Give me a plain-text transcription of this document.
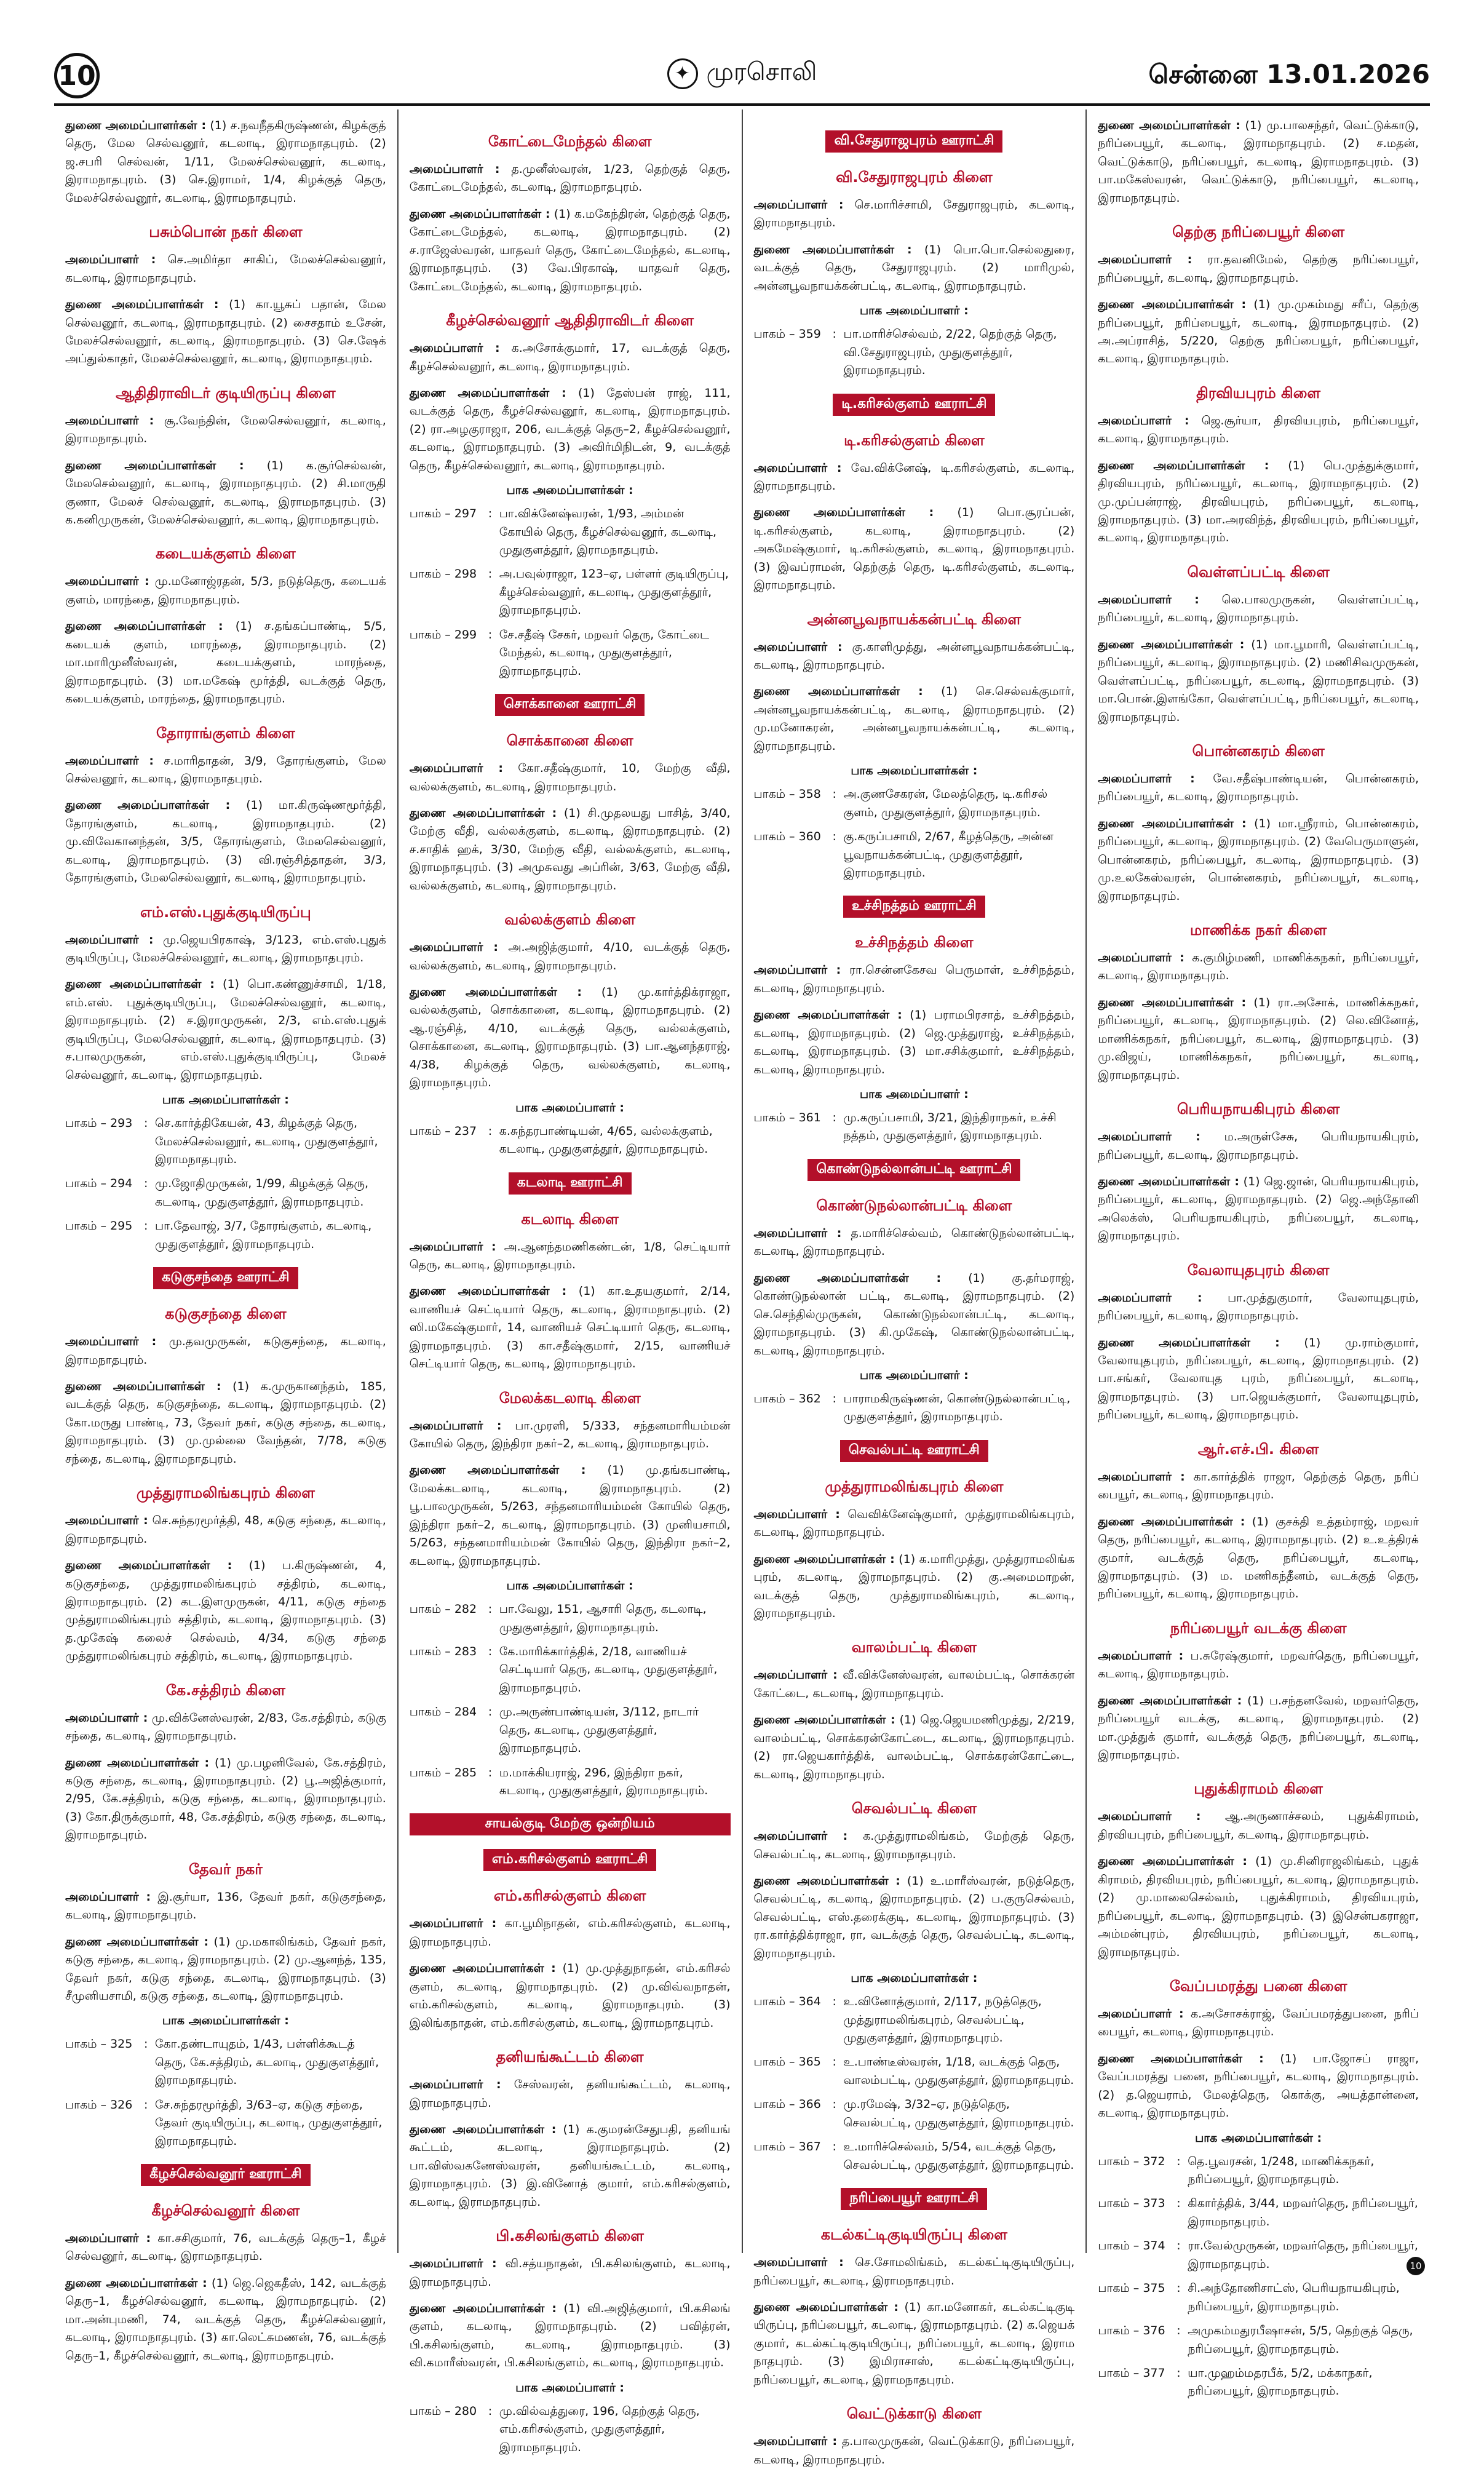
10	✦ முரசொலி	சென்னை 13.01.2026

துணை அமைப்பாளர்கள் : (1) ச.நவநீதகிருஷ்ணன், கிழக்குத் தெரு, மேல செல்வனூர், கடலாடி, இராமநாதபுரம். (2) ஜ.சபரி செல்வன், 1/11, மேலச்செல்வனூர், கடலாடி, இராமநாதபுரம். (3) செ.இராமர், 1/4, கிழக்குத் தெரு, மேலச்செல்வனூர், கடலாடி, இராமநாதபுரம்.

பசும்பொன் நகர் கிளை

அமைப்பாளர் : செ.அமிர்தா சாகிப், மேலச்செல்வனூர், கடலாடி, இராமநாதபுரம்.

துணை அமைப்பாளர்கள் : (1) கா.யூசுப் பதான், மேல செல்வனூர், கடலாடி, இராமநாதபுரம். (2) சைசதாம் உசேன், மேலச்செல்வனூர், கடலாடி, இராமநாதபுரம். (3) செ.ஷேக் அப்துல்காதர், மேலச்செல்வனூர், கடலாடி, இராமநாதபுரம்.

ஆதிதிராவிடர் குடியிருப்பு கிளை

அமைப்பாளர் : சூ.வேந்தின், மேலசெல்வனூர், கடலாடி, இராமநாதபுரம்.

துணை அமைப்பாளர்கள் : (1) க.சூர்செல்வன், மேலசெல்வனூர், கடலாடி, இராமநாதபுரம். (2) சி.மாருதி குணா, மேலச் செல்வனூர், கடலாடி, இராமநாதபுரம். (3) க.கனிமுருகன், மேலச்செல்வனூர், கடலாடி, இராமநாதபுரம்.

கடையக்குளம் கிளை

அமைப்பாளர் : மு.மனோஜ்ரதன், 5/3, நடுத்தெரு, கடையக் குளம், மாரந்தை, இராமநாதபுரம்.

துணை அமைப்பாளர்கள் : (1) ச.தங்கப்பாண்டி, 5/5, கடையக் குளம், மாரந்தை, இராமநாதபுரம். (2) மா.மாரிமுனீஸ்வரன், கடையக்குளம், மாரந்தை, இராமநாதபுரம். (3) மா.மகேஷ் மூர்த்தி, வடக்குத் தெரு, கடையக்குளம், மாரந்தை, இராமநாதபுரம்.

தோராங்குளம் கிளை

அமைப்பாளர் : ச.மாரிதாதன், 3/9, தோரங்குளம், மேல செல்வனூர், கடலாடி, இராமநாதபுரம்.

துணை அமைப்பாளர்கள் : (1) மா.கிருஷ்ணமூர்த்தி, தோரங்குளம், கடலாடி, இராமநாதபுரம். (2) மு.விவேகானந்தன், 3/5, தோரங்குளம், மேலசெல்வனூர், கடலாடி, இராமநாதபுரம். (3) வி.ரஞ்சித்தாதன், 3/3, தோரங்குளம், மேலசெல்வனூர், கடலாடி, இராமநாதபுரம்.

எம்.எஸ்.புதுக்குடியிருப்பு

அமைப்பாளர் : மு.ஜெயபிரகாஷ், 3/123, எம்.எஸ்.புதுக் குடியிருப்பு, மேலச்செல்வனூர், கடலாடி, இராமநாதபுரம்.

துணை அமைப்பாளர்கள் : (1) பொ.கண்ணுச்சாமி, 1/18, எம்.எஸ். புதுக்குடியிருப்பு, மேலச்செல்வனூர், கடலாடி, இராமநாதபுரம். (2) ச.இராமுருகன், 2/3, எம்.எஸ்.புதுக் குடியிருப்பு, மேலசெல்வனூர், கடலாடி, இராமநாதபுரம். (3) ச.பாலமுருகன், எம்.எஸ்.புதுக்குடியிருப்பு, மேலச் செல்வனூர், கடலாடி, இராமநாதபுரம்.

பாக அமைப்பாளர்கள் :
பாகம் – 293 : செ.கார்த்திகேயன், 43, கிழக்குத் தெரு, மேலச்செல்வனூர், கடலாடி, முதுகுளத்தூர், இராமநாதபுரம்.
பாகம் – 294 : மு.ஜோதிமுருகன், 1/99, கிழக்குத் தெரு, கடலாடி, முதுகுளத்தூர், இராமநாதபுரம்.
பாகம் – 295 : பா.தேவாஜ், 3/7, தோரங்குளம், கடலாடி, முதுகுளத்தூர், இராமநாதபுரம்.
கடுகுசந்தை ஊராட்சி
கடுகுசந்தை கிளை

அமைப்பாளர் : மு.தவமுருகன், கடுகுசந்தை, கடலாடி, இராமநாதபுரம்.

துணை அமைப்பாளர்கள் : (1) க.முருகானந்தம், 185, வடக்குத் தெரு, கடுகுசந்தை, கடலாடி, இராமநாதபுரம். (2) கோ.மருது பாண்டி, 73, தேவர் நகர், கடுகு சந்தை, கடலாடி, இராமநாதபுரம். (3) மு.முல்லை வேந்தன், 7/78, கடுகு சந்தை, கடலாடி, இராமநாதபுரம்.

முத்துராமலிங்கபுரம் கிளை

அமைப்பாளர் : செ.சுந்தரமூர்த்தி, 48, கடுகு சந்தை, கடலாடி, இராமநாதபுரம்.

துணை அமைப்பாளர்கள் : (1) ப.கிருஷ்ணன், 4, கடுகுசந்தை, முத்துராமலிங்கபுரம் சத்திரம், கடலாடி, இராமநாதபுரம். (2) கட.இளமுருகன், 4/11, கடுகு சந்தை முத்துராமலிங்கபுரம் சத்திரம், கடலாடி, இராமநாதபுரம். (3) த.முகேஷ் கலைச் செல்வம், 4/34, கடுகு சந்தை முத்துராமலிங்கபுரம் சத்திரம், கடலாடி, இராமநாதபுரம்.

கே.சத்திரம் கிளை

அமைப்பாளர் : மு.விக்னேஸ்வரன், 2/83, கே.சத்திரம், கடுகு சந்தை, கடலாடி, இராமநாதபுரம்.

துணை அமைப்பாளர்கள் : (1) மு.பழனிவேல், கே.சத்திரம், கடுகு சந்தை, கடலாடி, இராமநாதபுரம். (2) பூ.அஜித்குமார், 2/95, கே.சத்திரம், கடுகு சந்தை, கடலாடி, இராமநாதபுரம். (3) கோ.திருக்குமார், 48, கே.சத்திரம், கடுகு சந்தை, கடலாடி, இராமநாதபுரம்.

தேவர் நகர்

அமைப்பாளர் : இ.சூர்யா, 136, தேவர் நகர், கடுகுசந்தை, கடலாடி, இராமநாதபுரம்.

துணை அமைப்பாளர்கள் : (1) மு.மகாலிங்கம், தேவர் நகர், கடுகு சந்தை, கடலாடி, இராமநாதபுரம். (2) மு.ஆனந்த், 135, தேவர் நகர், கடுகு சந்தை, கடலாடி, இராமநாதபுரம். (3) சீமுனியசாமி, கடுகு சந்தை, கடலாடி, இராமநாதபுரம்.

பாக அமைப்பாளர்கள் :
பாகம் – 325 : கோ.தண்டாயுதம், 1/43, பள்ளிக்கூடத் தெரு, கே.சத்திரம், கடலாடி, முதுகுளத்தூர், இராமநாதபுரம்.
பாகம் – 326 : சே.சுந்தரமூர்த்தி, 3/63–ஏ, கடுகு சந்தை, தேவர் குடியிருப்பு, கடலாடி, முதுகுளத்தூர், இராமநாதபுரம்.
கீழச்செல்வனூர் ஊராட்சி
கீழச்செல்வனூர் கிளை

அமைப்பாளர் : கா.சசிகுமார், 76, வடக்குத் தெரு–1, கீழச் செல்வனூர், கடலாடி, இராமநாதபுரம்.

துணை அமைப்பாளர்கள் : (1) ஜெ.ஜெகதீஸ், 142, வடக்குத் தெரு–1, கீழச்செல்வனூர், கடலாடி, இராமநாதபுரம். (2) மா.அன்புமணி, 74, வடக்குத் தெரு, கீழச்செல்வனூர், கடலாடி, இராமநாதபுரம். (3) கா.லெட்சுமணன், 76, வடக்குத் தெரு–1, கீழச்செல்வனூர், கடலாடி, இராமநாதபுரம்.

கோட்டைமேந்தல் கிளை

அமைப்பாளர் : த.முனீஸ்வரன், 1/23, தெற்குத் தெரு, கோட்டைமேந்தல், கடலாடி, இராமநாதபுரம்.

துணை அமைப்பாளர்கள் : (1) க.மகேந்திரன், தெற்குத் தெரு, கோட்டைமேந்தல், கடலாடி, இராமநாதபுரம். (2) ச.ராஜேஸ்வரன், யாதவர் தெரு, கோட்டைமேந்தல், கடலாடி, இராமநாதபுரம். (3) வே.பிரகாஷ், யாதவர் தெரு, கோட்டைமேந்தல், கடலாடி, இராமநாதபுரம்.

கீழச்செல்வனூர் ஆதிதிராவிடர் கிளை

அமைப்பாளர் : க.அசோக்குமார், 17, வடக்குத் தெரு, கீழச்செல்வனூர், கடலாடி, இராமநாதபுரம்.

துணை அமைப்பாளர்கள் : (1) தேஸ்பன் ராஜ், 111, வடக்குத் தெரு, கீழச்செல்வனூர், கடலாடி, இராமநாதபுரம். (2) ரா.அழகுராஜா, 206, வடக்குத் தெரு–2, கீழச்செல்வனூர், கடலாடி, இராமநாதபுரம். (3) அவிர்மிநிடன், 9, வடக்குத் தெரு, கீழச்செல்வனூர், கடலாடி, இராமநாதபுரம்.

பாக அமைப்பாளர்கள் :
பாகம் – 297 : பா.விக்னேஷ்வரன், 1/93, அம்மன் கோயில் தெரு, கீழச்செல்வனூர், கடலாடி, முதுகுளத்தூர், இராமநாதபுரம்.
பாகம் – 298 : அ.பவுல்ராஜா, 123–ஏ, பள்ளர் குடியிருப்பு, கீழச்செல்வனூர், கடலாடி, முதுகுளத்தூர், இராமநாதபுரம்.
பாகம் – 299 : சே.சதீஷ் சேகர், மறவர் தெரு, கோட்டை மேந்தல், கடலாடி, முதுகுளத்தூர், இராமநாதபுரம்.
சொக்கானை ஊராட்சி
சொக்கானை கிளை

அமைப்பாளர் : கோ.சதீஷ்குமார், 10, மேற்கு வீதி, வல்லக்குளம், கடலாடி, இராமநாதபுரம்.

துணை அமைப்பாளர்கள் : (1) சி.முதலயது பாசித், 3/40, மேற்கு வீதி, வல்லக்குளம், கடலாடி, இராமநாதபுரம். (2) ச.சாதிக் ஹக், 3/30, மேற்கு வீதி, வல்லக்குளம், கடலாடி, இராமநாதபுரம். (3) அமுசுவது அப்ரின், 3/63, மேற்கு வீதி, வல்லக்குளம், கடலாடி, இராமநாதபுரம்.

வல்லக்குளம் கிளை

அமைப்பாளர் : அ.அஜித்குமார், 4/10, வடக்குத் தெரு, வல்லக்குளம், கடலாடி, இராமநாதபுரம்.

துணை அமைப்பாளர்கள் : (1) மு.கார்த்திக்ராஜா, வல்லக்குளம், சொக்கானை, கடலாடி, இராமநாதபுரம். (2) ஆ.ரஞ்சித், 4/10, வடக்குத் தெரு, வல்லக்குளம், சொக்கானை, கடலாடி, இராமநாதபுரம். (3) பா.ஆனந்தராஜ், 4/38, கிழக்குத் தெரு, வல்லக்குளம், கடலாடி, இராமநாதபுரம்.

பாக அமைப்பாளர் :
பாகம் – 237 : க.சுந்தரபாண்டியன், 4/65, வல்லக்குளம், கடலாடி, முதுகுளத்தூர், இராமநாதபுரம்.
கடலாடி ஊராட்சி
கடலாடி கிளை

அமைப்பாளர் : அ.ஆனந்தமணிகண்டன், 1/8, செட்டியார் தெரு, கடலாடி, இராமநாதபுரம்.

துணை அமைப்பாளர்கள் : (1) கா.உதயகுமார், 2/14, வாணியச் செட்டியார் தெரு, கடலாடி, இராமநாதபுரம். (2) ஸி.மகேஷ்குமார், 14, வாணியச் செட்டியார் தெரு, கடலாடி, இராமநாதபுரம். (3) கா.சதீஷ்குமார், 2/15, வாணியச் செட்டியார் தெரு, கடலாடி, இராமநாதபுரம்.

மேலக்கடலாடி கிளை

அமைப்பாளர் : பா.முரளி, 5/333, சந்தனமாரியம்மன் கோயில் தெரு, இந்திரா நகர்–2, கடலாடி, இராமநாதபுரம்.

துணை அமைப்பாளர்கள் : (1) மு.தங்கபாண்டி, மேலக்கடலாடி, கடலாடி, இராமநாதபுரம். (2) பூ.பாலமுருகன், 5/263, சந்தனமாரியம்மன் கோயில் தெரு, இந்திரா நகர்–2, கடலாடி, இராமநாதபுரம். (3) முனியசாமி, 5/263, சந்தனமாரியம்மன் கோயில் தெரு, இந்திரா நகர்–2, கடலாடி, இராமநாதபுரம்.

பாக அமைப்பாளர்கள் :
பாகம் – 282 : பா.வேலு, 151, ஆசாரி தெரு, கடலாடி, முதுகுளத்தூர், இராமநாதபுரம்.
பாகம் – 283 : கே.மாரிக்கார்த்திக், 2/18, வாணியச் செட்டியார் தெரு, கடலாடி, முதுகுளத்தூர், இராமநாதபுரம்.
பாகம் – 284 : மு.அருண்பாண்டியன், 3/112, நாடார் தெரு, கடலாடி, முதுகுளத்தூர், இராமநாதபுரம்.
பாகம் – 285 : ம.மாக்கியராஜ், 296, இந்திரா நகர், கடலாடி, முதுகுளத்தூர், இராமநாதபுரம்.
சாயல்குடி மேற்கு ஒன்றியம்
எம்.கரிசல்குளம் ஊராட்சி
எம்.கரிசல்குளம் கிளை

அமைப்பாளர் : கா.பூமிநாதன், எம்.கரிசல்குளம், கடலாடி, இராமநாதபுரம்.

துணை அமைப்பாளர்கள் : (1) மு.முத்துநாதன், எம்.கரிசல் குளம், கடலாடி, இராமநாதபுரம். (2) மு.விவ்வநாதன், எம்.கரிசல்குளம், கடலாடி, இராமநாதபுரம். (3) இலிங்கநாதன், எம்.கரிசல்குளம், கடலாடி, இராமநாதபுரம்.

தனியங்கூட்டம் கிளை

அமைப்பாளர் : சேஸ்வரன், தனியங்கூட்டம், கடலாடி, இராமநாதபுரம்.

துணை அமைப்பாளர்கள் : (1) க.குமரன்சேதுபதி, தனியங் கூட்டம், கடலாடி, இராமநாதபுரம். (2) பா.விஸ்வகணேஸ்வரன், தனியங்கூட்டம், கடலாடி, இராமநாதபுரம். (3) இ.வினோத் குமார், எம்.கரிசல்குளம், கடலாடி, இராமநாதபுரம்.

பி.கசிலங்குளம் கிளை

அமைப்பாளர் : வி.சத்யநாதன், பி.கசிலங்குளம், கடலாடி, இராமநாதபுரம்.

துணை அமைப்பாளர்கள் : (1) வி.அஜித்குமார், பி.கசிலங் குளம், கடலாடி, இராமநாதபுரம். (2) பவித்ரன், பி.கசிலங்குளம், கடலாடி, இராமநாதபுரம். (3) வி.கமாரீஸ்வரன், பி.கசிலங்குளம், கடலாடி, இராமநாதபுரம்.

பாக அமைப்பாளர் :
பாகம் – 280 : மு.வில்வத்துரை, 196, தெற்குத் தெரு, எம்.கரிசல்குளம், முதுகுளத்தூர், இராமநாதபுரம்.
வி.சேதுராஜபுரம் ஊராட்சி
வி.சேதுராஜபுரம் கிளை

அமைப்பாளர் : செ.மாரிச்சாமி, சேதுராஜபுரம், கடலாடி, இராமநாதபுரம்.

துணை அமைப்பாளர்கள் : (1) பொ.பொ.செல்லதுரை, வடக்குத் தெரு, சேதுராஜபுரம். (2) மாரிமுல், அன்னபூவநாயக்கன்பட்டி, கடலாடி, இராமநாதபுரம்.

பாக அமைப்பாளர் :
பாகம் – 359 : பா.மாரிச்செல்வம், 2/22, தெற்குத் தெரு, வி.சேதுராஜபுரம், முதுகுளத்தூர், இராமநாதபுரம்.
டி.கரிசல்குளம் ஊராட்சி
டி.கரிசல்குளம் கிளை

அமைப்பாளர் : வே.விக்னேஷ், டி.கரிசல்குளம், கடலாடி, இராமநாதபுரம்.

துணை அமைப்பாளர்கள் : (1) பொ.சூரப்பன், டி.கரிசல்குளம், கடலாடி, இராமநாதபுரம். (2) அகமேஷ்குமார், டி.கரிசல்குளம், கடலாடி, இராமநாதபுரம். (3) இவப்ராமன், தெற்குத் தெரு, டி.கரிசல்குளம், கடலாடி, இராமநாதபுரம்.

அன்னபூவநாயக்கன்பட்டி கிளை

அமைப்பாளர் : கு.காளிமுத்து, அன்னபூவநாயக்கன்பட்டி, கடலாடி, இராமநாதபுரம்.

துணை அமைப்பாளர்கள் : (1) செ.செல்வக்குமார், அன்னபூவநாயக்கன்பட்டி, கடலாடி, இராமநாதபுரம். (2) மு.மனோகரன், அன்னபூவநாயக்கன்பட்டி, கடலாடி, இராமநாதபுரம்.

பாக அமைப்பாளர்கள் :
பாகம் – 358 : அ.குணசேகரன், மேலத்தெரு, டி.கரிசல் குளம், முதுகுளத்தூர், இராமநாதபுரம்.
பாகம் – 360 : கு.கருப்பசாமி, 2/67, கீழத்தெரு, அன்ன பூவநாயக்கன்பட்டி, முதுகுளத்தூர், இராமநாதபுரம்.
உச்சிநத்தம் ஊராட்சி
உச்சிநத்தம் கிளை

அமைப்பாளர் : ரா.சென்னகேசவ பெருமாள், உச்சிநத்தம், கடலாடி, இராமநாதபுரம்.

துணை அமைப்பாளர்கள் : (1) பராமபிரசாத், உச்சிநத்தம், கடலாடி, இராமநாதபுரம். (2) ஜெ.முத்துராஜ், உச்சிநத்தம், கடலாடி, இராமநாதபுரம். (3) மா.சசிக்குமார், உச்சிநத்தம், கடலாடி, இராமநாதபுரம்.

பாக அமைப்பாளர் :
பாகம் – 361 : மு.கருப்பசாமி, 3/21, இந்திராநகர், உச்சி நத்தம், முதுகுளத்தூர், இராமநாதபுரம்.
கொண்டுநல்லான்பட்டி ஊராட்சி
கொண்டுநல்லான்பட்டி கிளை

அமைப்பாளர் : த.மாரிச்செல்வம், கொண்டுநல்லான்பட்டி, கடலாடி, இராமநாதபுரம்.

துணை அமைப்பாளர்கள் : (1) கு.தர்மராஜ், கொண்டுநல்லான் பட்டி, கடலாடி, இராமநாதபுரம். (2) செ.செந்தில்முருகன், கொண்டுநல்லான்பட்டி, கடலாடி, இராமநாதபுரம். (3) கி.முகேஷ், கொண்டுநல்லான்பட்டி, கடலாடி, இராமநாதபுரம்.

பாக அமைப்பாளர் :
பாகம் – 362 : பாராமகிருஷ்ணன், கொண்டுநல்லான்பட்டி, முதுகுளத்தூர், இராமநாதபுரம்.
செவல்பட்டி ஊராட்சி
முத்துராமலிங்கபுரம் கிளை

அமைப்பாளர் : வெவிக்னேஷ்குமார், முத்துராமலிங்கபுரம், கடலாடி, இராமநாதபுரம்.

துணை அமைப்பாளர்கள் : (1) க.மாரிமுத்து, முத்துராமலிங்க புரம், கடலாடி, இராமநாதபுரம். (2) கு.அமைமாறன், வடக்குத் தெரு, முத்துராமலிங்கபுரம், கடலாடி, இராமநாதபுரம்.

வாலம்பட்டி கிளை

அமைப்பாளர் : வீ.விக்னேஸ்வரன், வாலம்பட்டி, சொக்கரன் கோட்டை, கடலாடி, இராமநாதபுரம்.

துணை அமைப்பாளர்கள் : (1) ஜெ.ஜெயமணிமுத்து, 2/219, வாலம்பட்டி, சொக்கரன்கோட்டை, கடலாடி, இராமநாதபுரம். (2) ரா.ஜெயகார்த்திக், வாலம்பட்டி, சொக்கரன்கோட்டை, கடலாடி, இராமநாதபுரம்.

செவல்பட்டி கிளை

அமைப்பாளர் : க.முத்துராமலிங்கம், மேற்குத் தெரு, செவல்பட்டி, கடலாடி, இராமநாதபுரம்.

துணை அமைப்பாளர்கள் : (1) உ.மாரீஸ்வரன், நடுத்தெரு, செவல்பட்டி, கடலாடி, இராமநாதபுரம். (2) ப.குருசெல்வம், செவல்பட்டி, எஸ்.தரைக்குடி, கடலாடி, இராமநாதபுரம். (3) ரா.கார்த்திக்ராஜா, ரா, வடக்குத் தெரு, செவல்பட்டி, கடலாடி, இராமநாதபுரம்.

பாக அமைப்பாளர்கள் :
பாகம் – 364 : உ.வினோத்குமார், 2/117, நடுத்தெரு, முத்துராமலிங்கபுரம், செவல்பட்டி, முதுகுளத்தூர், இராமநாதபுரம்.
பாகம் – 365 : உ.பாண்டீஸ்வரன், 1/18, வடக்குத் தெரு, வாலம்பட்டி, முதுகுளத்தூர், இராமநாதபுரம்.
பாகம் – 366 : மு.ரமேஷ், 3/32–ஏ, நடுத்தெரு, செவல்பட்டி, முதுகுளத்தூர், இராமநாதபுரம்.
பாகம் – 367 : உ.மாரிச்செல்வம், 5/54, வடக்குத் தெரு, செவல்பட்டி, முதுகுளத்தூர், இராமநாதபுரம்.
நரிப்பையூர் ஊராட்சி
கடல்கட்டிகுடியிருப்பு கிளை

அமைப்பாளர் : செ.சோமலிங்கம், கடல்கட்டிகுடியிருப்பு, நரிப்பையூர், கடலாடி, இராமநாதபுரம்.

துணை அமைப்பாளர்கள் : (1) கா.மனோகர், கடல்கட்டிகுடி யிருப்பு, நரிப்பையூர், கடலாடி, இராமநாதபுரம். (2) க.ஜெயக் குமார், கடல்கட்டிகுடியிருப்பு, நரிப்பையூர், கடலாடி, இராம நாதபுரம். (3) இமிராசாஸ், கடல்கட்டிகுடியிருப்பு, நரிப்பையூர், கடலாடி, இராமநாதபுரம்.

வெட்டுக்காடு கிளை

அமைப்பாளர் : த.பாலமுருகன், வெட்டுக்காடு, நரிப்பையூர், கடலாடி, இராமநாதபுரம்.

துணை அமைப்பாளர்கள் : (1) மு.பாலசந்தர், வெட்டுக்காடு, நரிப்பையூர், கடலாடி, இராமநாதபுரம். (2) ச.மதன், வெட்டுக்காடு, நரிப்பையூர், கடலாடி, இராமநாதபுரம். (3) பா.மகேஸ்வரன், வெட்டுக்காடு, நரிப்பையூர், கடலாடி, இராமநாதபுரம்.

தெற்கு நரிப்பையூர் கிளை

அமைப்பாளர் : ரா.தவனிமேல், தெற்கு நரிப்பையூர், நரிப்பையூர், கடலாடி, இராமநாதபுரம்.

துணை அமைப்பாளர்கள் : (1) மு.முகம்மது சரீப், தெற்கு நரிப்பையூர், நரிப்பையூர், கடலாடி, இராமநாதபுரம். (2) அ.அப்ராசித், 5/220, தெற்கு நரிப்பையூர், நரிப்பையூர், கடலாடி, இராமநாதபுரம்.

திரவியபுரம் கிளை

அமைப்பாளர் : ஜெ.சூர்யா, திரவியபுரம், நரிப்பையூர், கடலாடி, இராமநாதபுரம்.

துணை அமைப்பாளர்கள் : (1) பெ.முத்துக்குமார், திரவியபுரம், நரிப்பையூர், கடலாடி, இராமநாதபுரம். (2) மு.முப்பன்ராஜ், திரவியபுரம், நரிப்பையூர், கடலாடி, இராமநாதபுரம். (3) மா.அரவிந்த், திரவியபுரம், நரிப்பையூர், கடலாடி, இராமநாதபுரம்.

வெள்ளப்பட்டி கிளை

அமைப்பாளர் : லெ.பாலமுருகன், வெள்ளப்பட்டி, நரிப்பையூர், கடலாடி, இராமநாதபுரம்.

துணை அமைப்பாளர்கள் : (1) மா.பூமாரி, வெள்ளப்பட்டி, நரிப்பையூர், கடலாடி, இராமநாதபுரம். (2) மணிசிவமுருகன், வெள்ளப்பட்டி, நரிப்பையூர், கடலாடி, இராமநாதபுரம். (3) மா.பொன்.இளங்கோ, வெள்ளப்பட்டி, நரிப்பையூர், கடலாடி, இராமநாதபுரம்.

பொன்னகரம் கிளை

அமைப்பாளர் : வே.சதீஷ்பாண்டியன், பொன்னகரம், நரிப்பையூர், கடலாடி, இராமநாதபுரம்.

துணை அமைப்பாளர்கள் : (1) மா.ஸ்ரீராம், பொன்னகரம், நரிப்பையூர், கடலாடி, இராமநாதபுரம். (2) வேபெருமாளுன், பொன்னகரம், நரிப்பையூர், கடலாடி, இராமநாதபுரம். (3) மு.உலகேஸ்வரன், பொன்னகரம், நரிப்பையூர், கடலாடி, இராமநாதபுரம்.

மாணிக்க நகர் கிளை

அமைப்பாளர் : க.குமிழ்மணி, மாணிக்கநகர், நரிப்பையூர், கடலாடி, இராமநாதபுரம்.

துணை அமைப்பாளர்கள் : (1) ரா.அசோக், மாணிக்கநகர், நரிப்பையூர், கடலாடி, இராமநாதபுரம். (2) லெ.வினோத், மாணிக்கநகர், நரிப்பையூர், கடலாடி, இராமநாதபுரம். (3) மு.விஜய், மாணிக்கநகர், நரிப்பையூர், கடலாடி, இராமநாதபுரம்.

பெரியநாயகிபுரம் கிளை

அமைப்பாளர் : ம.அருள்சேசு, பெரியநாயகிபுரம், நரிப்பையூர், கடலாடி, இராமநாதபுரம்.

துணை அமைப்பாளர்கள் : (1) ஜெ.ஜான், பெரியநாயகிபுரம், நரிப்பையூர், கடலாடி, இராமநாதபுரம். (2) ஜெ.அந்தோனி அலெக்ஸ், பெரியநாயகிபுரம், நரிப்பையூர், கடலாடி, இராமநாதபுரம்.

வேலாயுதபுரம் கிளை

அமைப்பாளர் : பா.முத்துகுமார், வேலாயுதபுரம், நரிப்பையூர், கடலாடி, இராமநாதபுரம்.

துணை அமைப்பாளர்கள் : (1) மு.ராம்குமார், வேலாயுதபுரம், நரிப்பையூர், கடலாடி, இராமநாதபுரம். (2) பா.சங்கர், வேலாயுத புரம், நரிப்பையூர், கடலாடி, இராமநாதபுரம். (3) பா.ஜெயக்குமார், வேலாயுதபுரம், நரிப்பையூர், கடலாடி, இராமநாதபுரம்.

ஆர்.எச்.பி. கிளை

அமைப்பாளர் : கா.கார்த்திக் ராஜா, தெற்குத் தெரு, நரிப் பையூர், கடலாடி, இராமநாதபுரம்.

துணை அமைப்பாளர்கள் : (1) குசக்தி உத்தம்ராஜ், மறவர் தெரு, நரிப்பையூர், கடலாடி, இராமநாதபுரம். (2) உ.உத்திரக் குமார், வடக்குத் தெரு, நரிப்பையூர், கடலாடி, இராமநாதபுரம். (3) ம. மணிகந்தீனம், வடக்குத் தெரு, நரிப்பையூர், கடலாடி, இராமநாதபுரம்.

நரிப்பையூர் வடக்கு கிளை

அமைப்பாளர் : ப.சுரேஷ்குமார், மறவர்தெரு, நரிப்பையூர், கடலாடி, இராமநாதபுரம்.

துணை அமைப்பாளர்கள் : (1) ப.சந்தனவேல், மறவர்தெரு, நரிப்பையூர் வடக்கு, கடலாடி, இராமநாதபுரம். (2) மா.முத்துக் குமார், வடக்குத் தெரு, நரிப்பையூர், கடலாடி, இராமநாதபுரம்.

புதுக்கிராமம் கிளை

அமைப்பாளர் : ஆ.அருணாச்சலம், புதுக்கிராமம், திரவியபுரம், நரிப்பையூர், கடலாடி, இராமநாதபுரம்.

துணை அமைப்பாளர்கள் : (1) மு.சினிராஜலிங்கம், புதுக் கிராமம், திரவியபுரம், நரிப்பையூர், கடலாடி, இராமநாதபுரம். (2) மு.மாலைசெல்வம், புதுக்கிராமம், திரவியபுரம், நரிப்பையூர், கடலாடி, இராமநாதபுரம். (3) இசென்பகராஜா, அம்மன்புரம், திரவியபுரம், நரிப்பையூர், கடலாடி, இராமநாதபுரம்.

வேப்பமரத்து பனை கிளை

அமைப்பாளர் : க.அசோசக்ராஜ், வேப்பமரத்துபனை, நரிப் பையூர், கடலாடி, இராமநாதபுரம்.

துணை அமைப்பாளர்கள் : (1) பா.ஜோசப் ராஜா, வேப்பமரத்து பனை, நரிப்பையூர், கடலாடி, இராமநாதபுரம். (2) த.ஜெயராம், மேலத்தெரு, கொக்கு, அயத்தான்னை, கடலாடி, இராமநாதபுரம்.

பாக அமைப்பாளர்கள் :
பாகம் – 372 : தெ.பூவரசன், 1/248, மாணிக்கநகர், நரிப்பையூர், இராமநாதபுரம்.
பாகம் – 373 : கிகார்த்திக், 3/44, மறவர்தெரு, நரிப்பையூர், இராமநாதபுரம்.
பாகம் – 374 : ரா.வேல்முருகன், மறவர்தெரு, நரிப்பையூர், இராமநாதபுரம்.
பாகம் – 375 : சி.அந்தோணிசாட்ஸ், பெரியநாயகிபுரம், நரிப்பையூர், இராமநாதபுரம்.
பாகம் – 376 : அமுகம்மதுரபீஷாசன், 5/5, தெற்குத் தெரு, நரிப்பையூர், இராமநாதபுரம்.
பாகம் – 377 : யா.முஹம்மதரபீக், 5/2, மக்காநகர், நரிப்பையூர், இராமநாதபுரம்.
10
